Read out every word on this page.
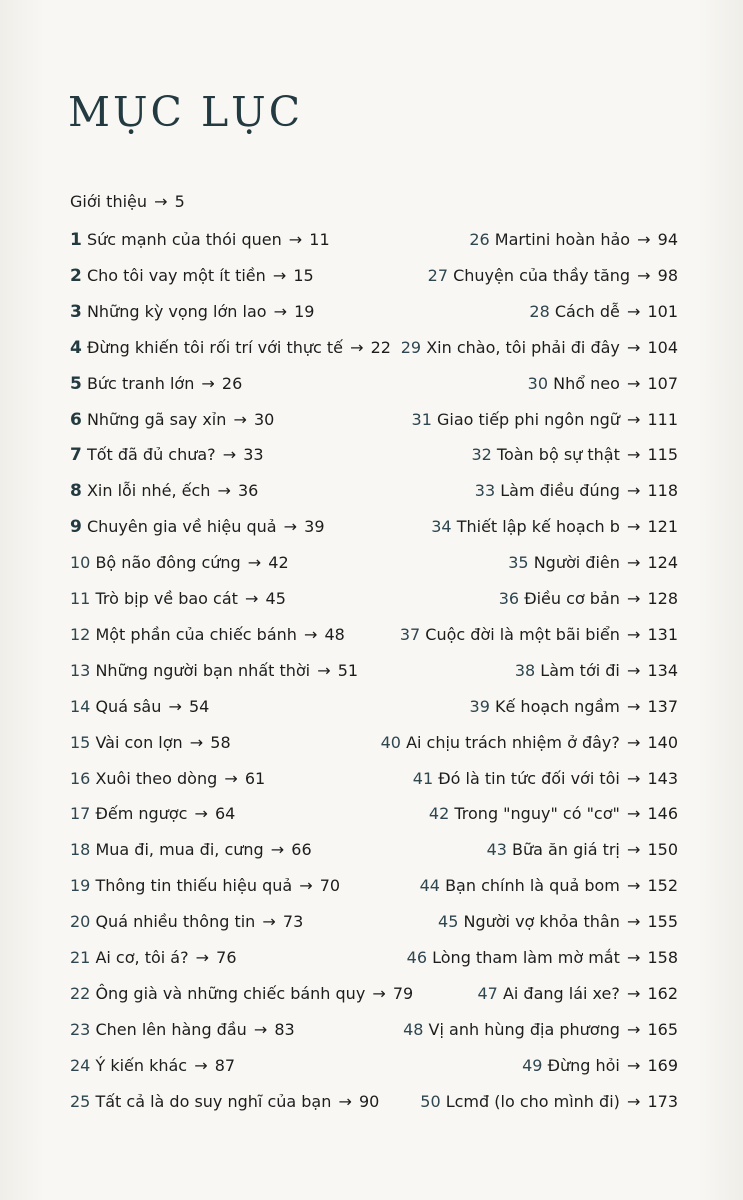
MỤC LỤC
Giới thiệu → 5
1 Sức mạnh của thói quen → 11
2 Cho tôi vay một ít tiền → 15
3 Những kỳ vọng lớn lao → 19
4 Đừng khiến tôi rối trí với thực tế → 22
5 Bức tranh lớn → 26
6 Những gã say xỉn → 30
7 Tốt đã đủ chưa? → 33
8 Xin lỗi nhé, ếch → 36
9 Chuyên gia về hiệu quả → 39
10 Bộ não đông cứng → 42
11 Trò bịp về bao cát → 45
12 Một phần của chiếc bánh → 48
13 Những người bạn nhất thời → 51
14 Quá sâu → 54
15 Vài con lợn → 58
16 Xuôi theo dòng → 61
17 Đếm ngược → 64
18 Mua đi, mua đi, cưng → 66
19 Thông tin thiếu hiệu quả → 70
20 Quá nhiều thông tin → 73
21 Ai cơ, tôi á? → 76
22 Ông già và những chiếc bánh quy → 79
23 Chen lên hàng đầu → 83
24 Ý kiến khác → 87
25 Tất cả là do suy nghĩ của bạn → 90
26 Martini hoàn hảo → 94
27 Chuyện của thầy tăng → 98
28 Cách dễ → 101
29 Xin chào, tôi phải đi đây → 104
30 Nhổ neo → 107
31 Giao tiếp phi ngôn ngữ → 111
32 Toàn bộ sự thật → 115
33 Làm điều đúng → 118
34 Thiết lập kế hoạch b → 121
35 Người điên → 124
36 Điều cơ bản → 128
37 Cuộc đời là một bãi biển → 131
38 Làm tới đi → 134
39 Kế hoạch ngầm → 137
40 Ai chịu trách nhiệm ở đây? → 140
41 Đó là tin tức đối với tôi → 143
42 Trong "nguy" có "cơ" → 146
43 Bữa ăn giá trị → 150
44 Bạn chính là quả bom → 152
45 Người vợ khỏa thân → 155
46 Lòng tham làm mờ mắt → 158
47 Ai đang lái xe? → 162
48 Vị anh hùng địa phương → 165
49 Đừng hỏi → 169
50 Lcmđ (lo cho mình đi) → 173
